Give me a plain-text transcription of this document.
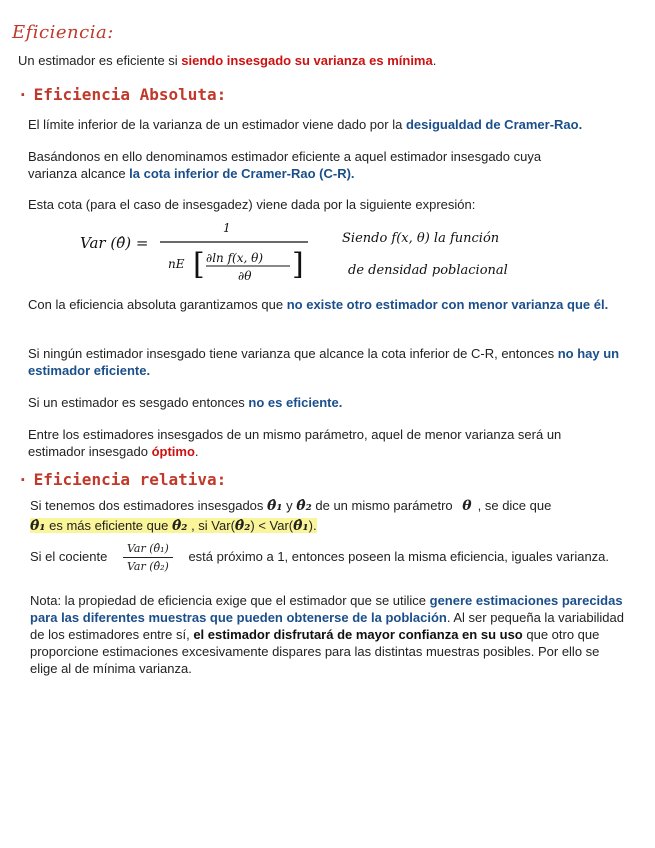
Eficiencia:
Un estimador es eficiente si siendo insesgado su varianza es mínima.
· Eficiencia Absoluta:
El límite inferior de la varianza de un estimador viene dado por la desigualdad de Cramer-Rao.
Basándonos en ello denominamos estimador eficiente a aquel estimador insesgado cuya varianza alcance la cota inferior de Cramer-Rao (C-R).
Esta cota (para el caso de insesgadez) viene dada por la siguiente expresión:
Var (θ̂) =
1
nE [ ∂ln f(x, θ)
∂θ ]
Siendo f(x, θ) la función
de densidad poblacional
Con la eficiencia absoluta garantizamos que no existe otro estimador con menor varianza que él.
Si ningún estimador insesgado tiene varianza que alcance la cota inferior de C-R, entonces no hay un estimador eficiente.
Si un estimador es sesgado entonces no es eficiente.
Entre los estimadores insesgados de un mismo parámetro, aquel de menor varianza será un estimador insesgado óptimo.
· Eficiencia relativa:
Si tenemos dos estimadores insesgados θ̂₁ y θ̂₂ de un mismo parámetro θ , se dice que
θ̂₁ es más eficiente que θ̂₂ , si Var(θ̂₂) < Var(θ̂₁).
Si el cociente $\frac{\text{Var (θ̂₁)}}{\text{Var (θ̂₂)}}$ está próximo a 1, entonces poseen la misma eficiencia, iguales varianza.
Nota: la propiedad de eficiencia exige que el estimador que se utilice genere estimaciones parecidas para las diferentes muestras que pueden obtenerse de la población. Al ser pequeña la variabilidad de los estimadores entre sí, el estimador disfrutará de mayor confianza en su uso que otro que proporcione estimaciones excesivamente dispares para las distintas muestras posibles. Por ello se elige al de mínima varianza.
